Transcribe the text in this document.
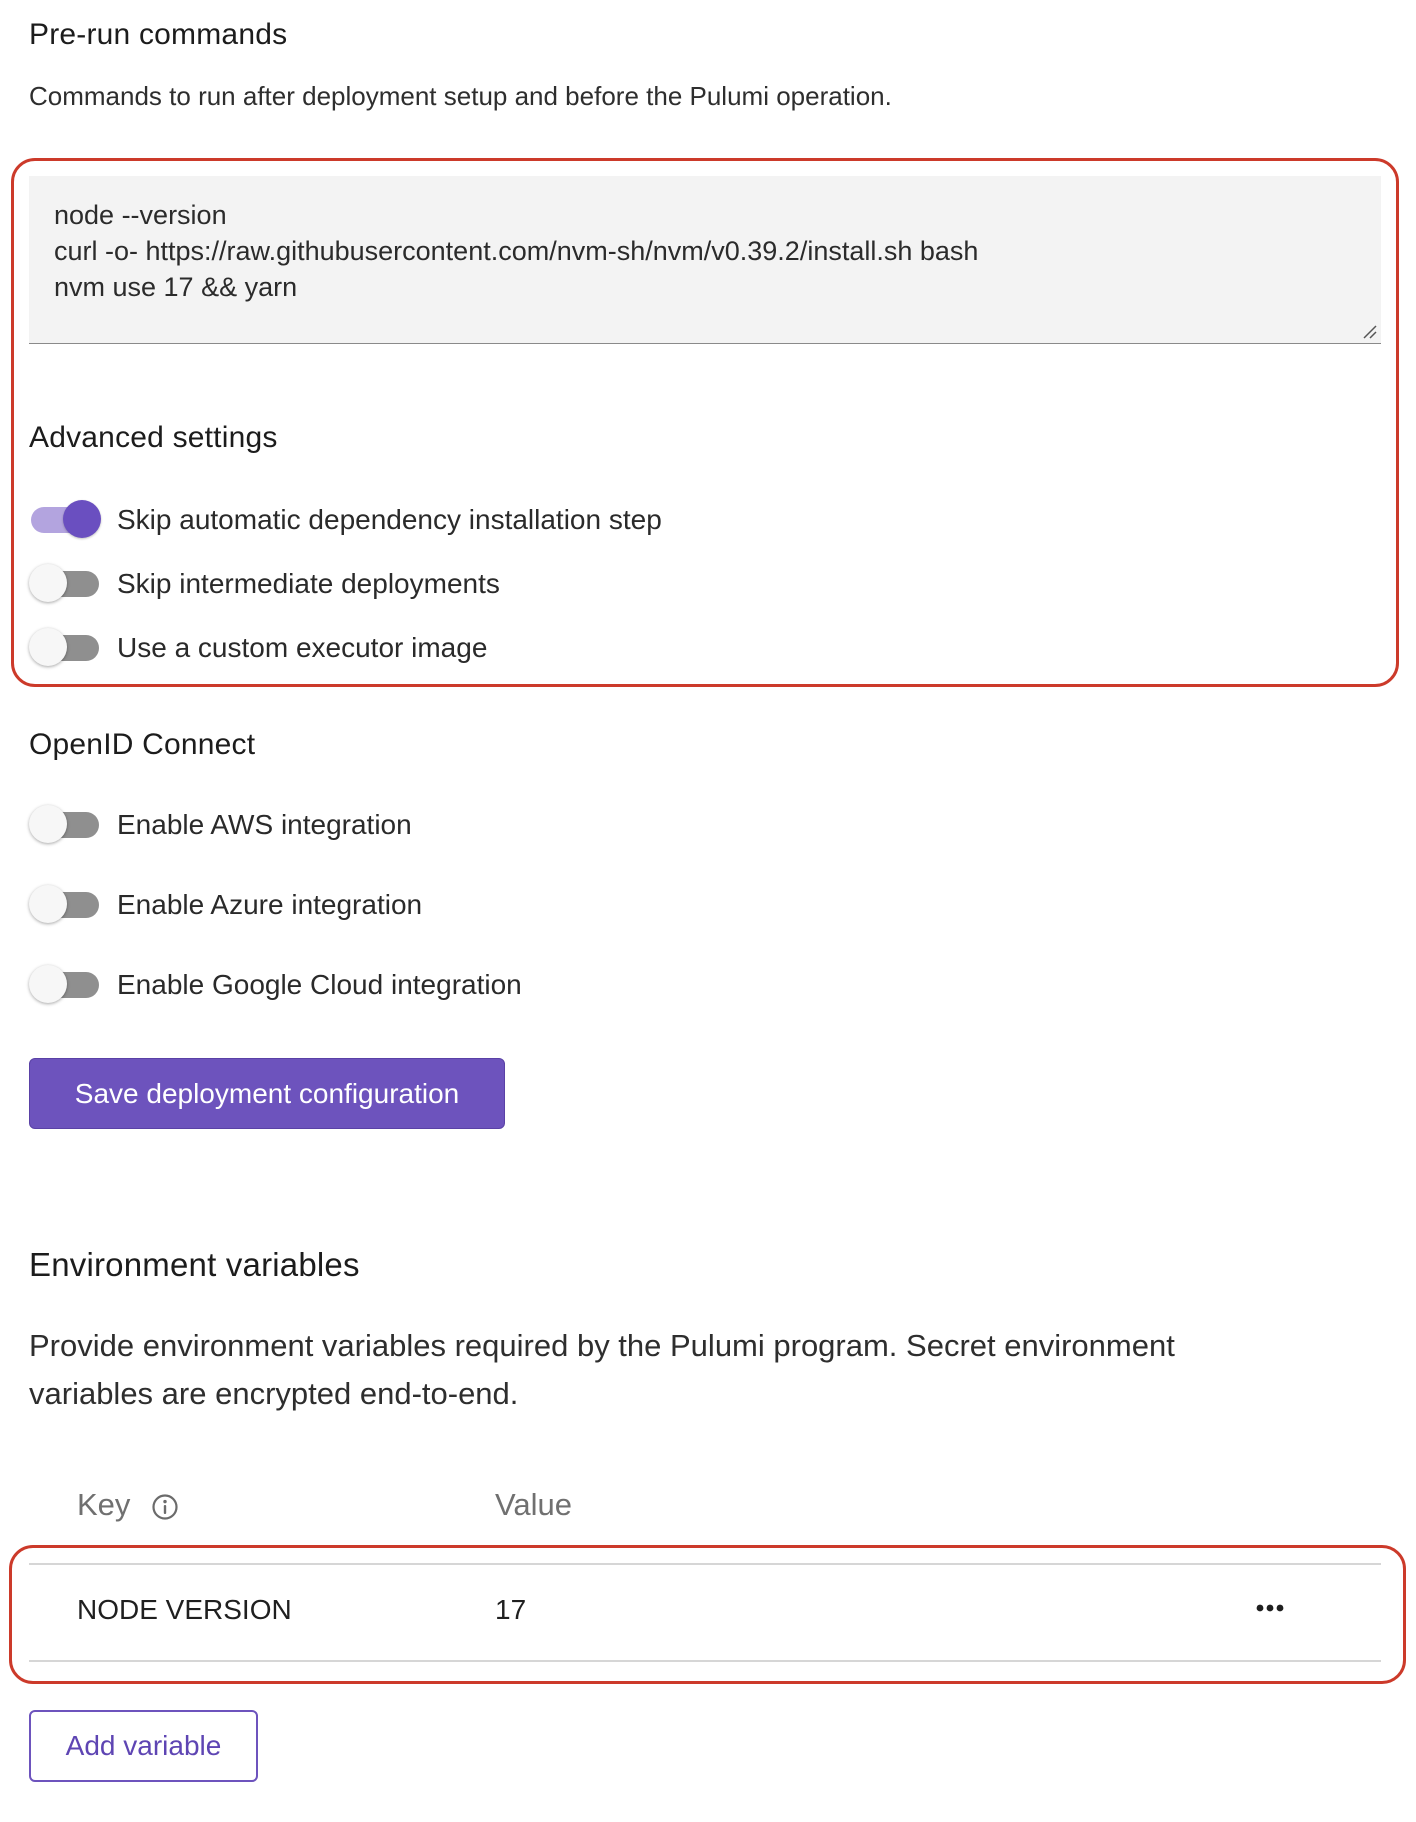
Pre-run commands
Commands to run after deployment setup and before the Pulumi operation.
node --version
curl -o- https://raw.githubusercontent.com/nvm-sh/nvm/v0.39.2/install.sh bash
nvm use 17 && yarn
Advanced settings
Skip automatic dependency installation step
Skip intermediate deployments
Use a custom executor image
OpenID Connect
Enable AWS integration
Enable Azure integration
Enable Google Cloud integration
Save deployment configuration
Environment variables
Provide environment variables required by the Pulumi program. Secret environment
variables are encrypted end-to-end.
Key	Value
NODE VERSION	17
Add variable
